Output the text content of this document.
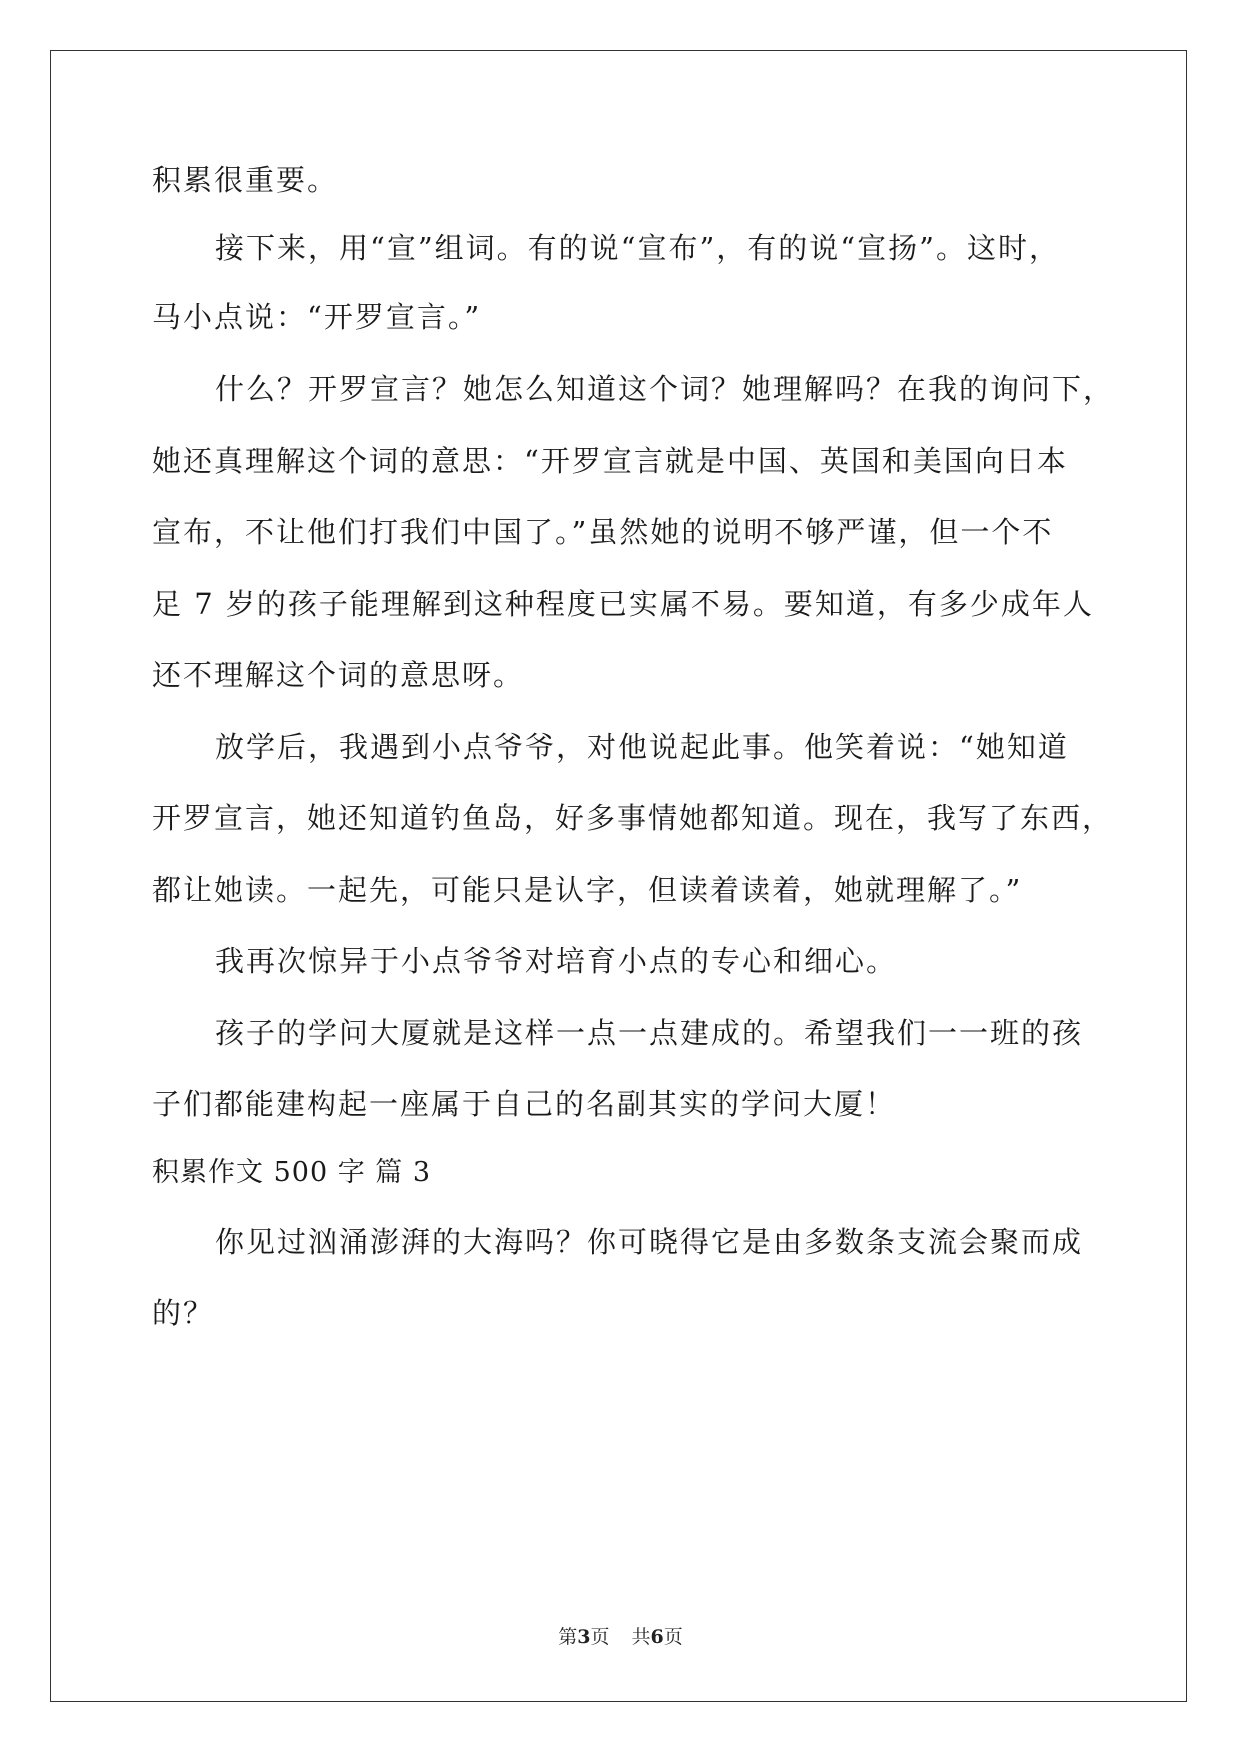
积累很重要。
接下来，用“宣”组词。有的说“宣布”，有的说“宣扬”。这时，
马小点说：“开罗宣言。”
什么？开罗宣言？她怎么知道这个词？她理解吗？在我的询问下，
她还真理解这个词的意思：“开罗宣言就是中国、英国和美国向日本
宣布，不让他们打我们中国了。”虽然她的说明不够严谨，但一个不
足 7 岁的孩子能理解到这种程度已实属不易。要知道，有多少成年人
还不理解这个词的意思呀。
放学后，我遇到小点爷爷，对他说起此事。他笑着说：“她知道
开罗宣言，她还知道钓鱼岛，好多事情她都知道。现在，我写了东西，
都让她读。一起先，可能只是认字，但读着读着，她就理解了。”
我再次惊异于小点爷爷对培育小点的专心和细心。
孩子的学问大厦就是这样一点一点建成的。希望我们一一班的孩
子们都能建构起一座属于自己的名副其实的学问大厦！
积累作文 500 字 篇 3
你见过汹涌澎湃的大海吗？你可晓得它是由多数条支流会聚而成
的？
第3页 共6页
